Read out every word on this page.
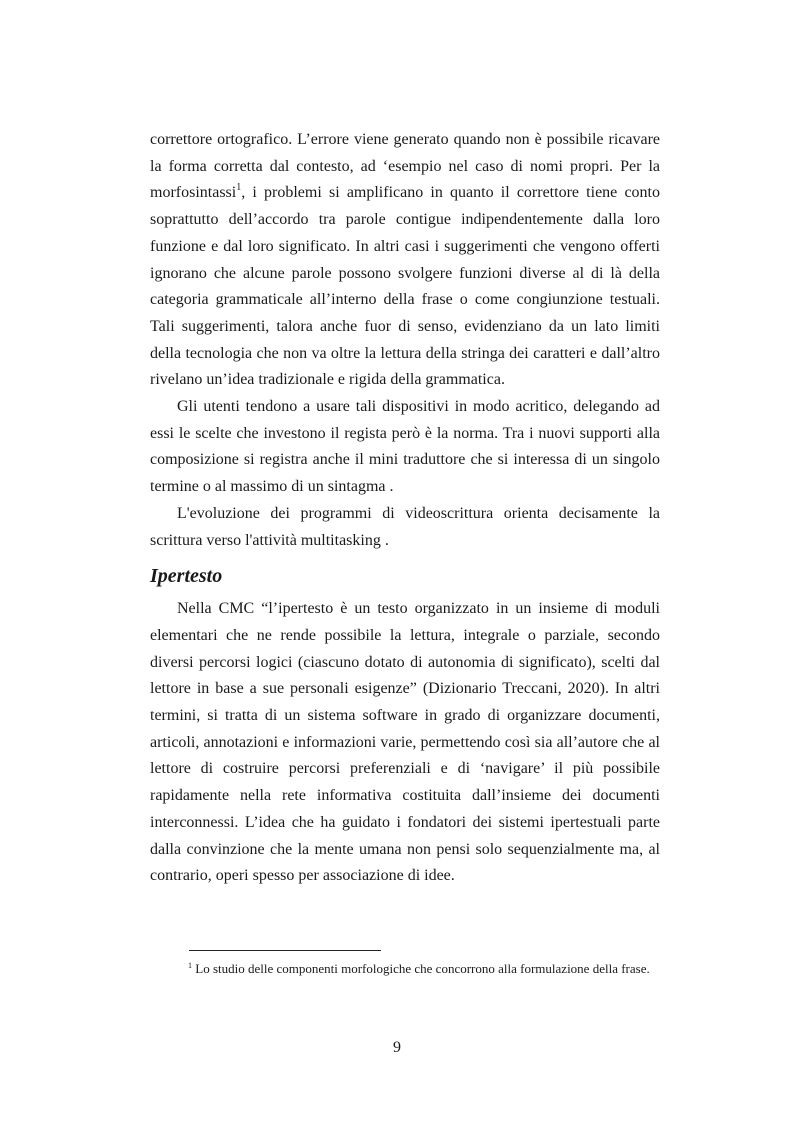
correttore ortografico. L’errore viene generato quando non è possibile ricavare la forma corretta dal contesto, ad ‘esempio nel caso di nomi propri. Per la morfosintassi$^1$, i problemi si amplificano in quanto il correttore tiene conto soprattutto dell’accordo tra parole contigue indipendentemente dalla loro funzione e dal loro significato. In altri casi i suggerimenti che vengono offerti ignorano che alcune parole possono svolgere funzioni diverse al di là della categoria grammaticale all’interno della frase o come congiunzione testuali. Tali suggerimenti, talora anche fuor di senso, evidenziano da un lato limiti della tecnologia che non va oltre la lettura della stringa dei caratteri e dall’altro rivelano un’idea tradizionale e rigida della grammatica.

Gli utenti tendono a usare tali dispositivi in modo acritico, delegando ad essi le scelte che investono il regista però è la norma. Tra i nuovi supporti alla composizione si registra anche il mini traduttore che si interessa di un singolo termine o al massimo di un sintagma .

L'evoluzione dei programmi di videoscrittura orienta decisamente la scrittura verso l'attività multitasking .

Ipertesto

Nella CMC “l’ipertesto è un testo organizzato in un insieme di moduli elementari che ne rende possibile la lettura, integrale o parziale, secondo diversi percorsi logici (ciascuno dotato di autonomia di significato), scelti dal lettore in base a sue personali esigenze” (Dizionario Treccani, 2020). In altri termini, si tratta di un sistema software in grado di organizzare documenti, articoli, annotazioni e informazioni varie, permettendo così sia all’autore che al lettore di costruire percorsi preferenziali e di ‘navigare’ il più possibile rapidamente nella rete informativa costituita dall’insieme dei documenti interconnessi. L’idea che ha guidato i fondatori dei sistemi ipertestuali parte dalla convinzione che la mente umana non pensi solo sequenzialmente ma, al contrario, operi spesso per associazione di idee.

$^1$ Lo studio delle componenti morfologiche che concorrono alla formulazione della frase.

9
